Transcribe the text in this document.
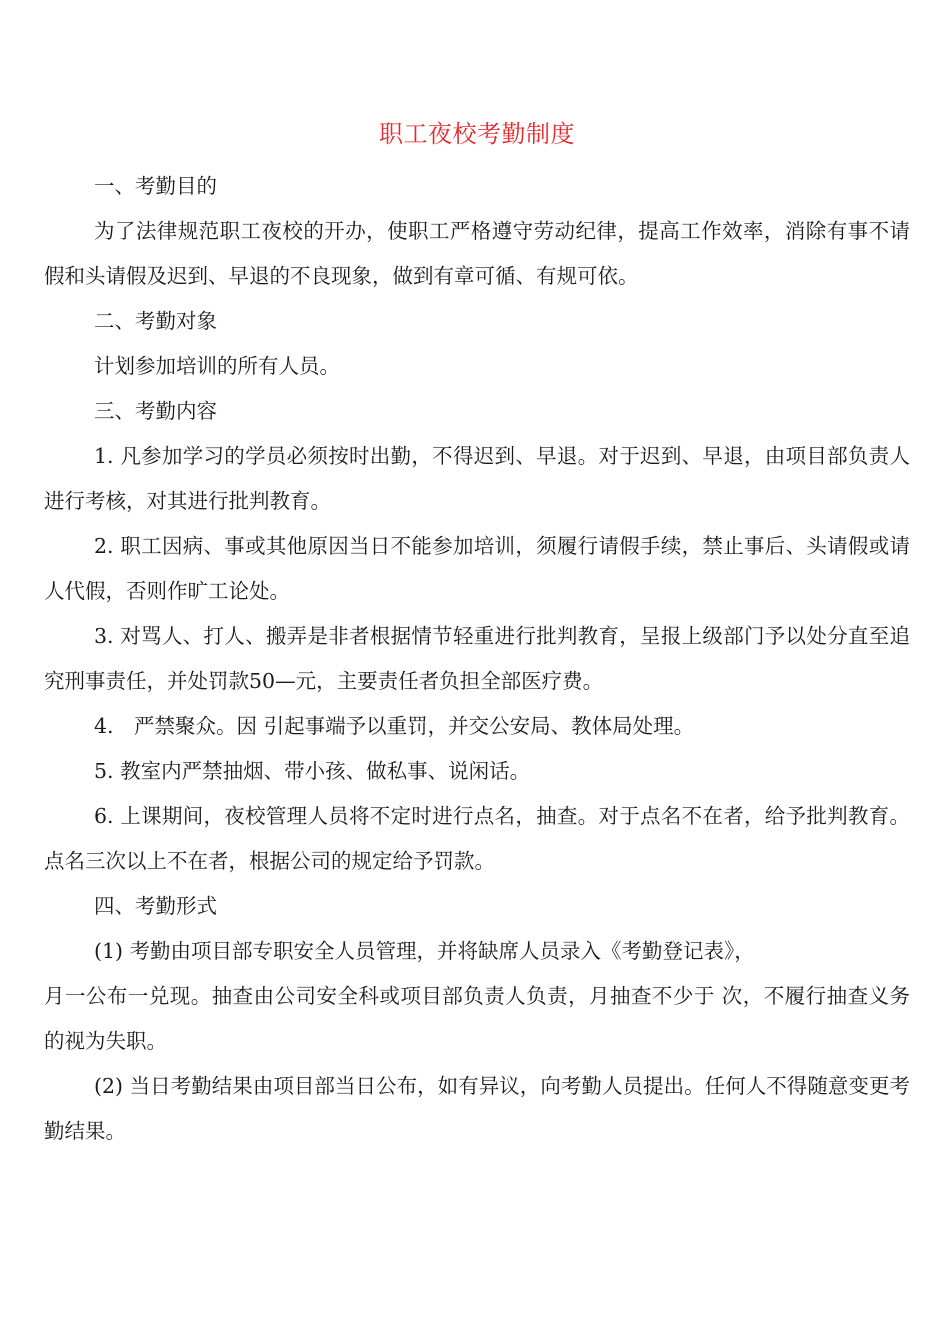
职工夜校考勤制度

一、考勤目的

为了法律规范职工夜校的开办，使职工严格遵守劳动纪律，提高工作效率，消除有事不请假和头请假及迟到、早退的不良现象，做到有章可循、有规可依。

二、考勤对象

计划参加培训的所有人员。

三、考勤内容

1. 凡参加学习的学员必须按时出勤，不得迟到、早退。对于迟到、早退，由项目部负责人进行考核，对其进行批判教育。

2. 职工因病、事或其他原因当日不能参加培训，须履行请假手续，禁止事后、头请假或请人代假，否则作旷工论处。

3. 对骂人、打人、搬弄是非者根据情节轻重进行批判教育，呈报上级部门予以处分直至追究刑事责任，并处罚款50—元，主要责任者负担全部医疗费。

4.　严禁聚众。因 引起事端予以重罚，并交公安局、教体局处理。

5. 教室内严禁抽烟、带小孩、做私事、说闲话。

6. 上课期间，夜校管理人员将不定时进行点名，抽查。对于点名不在者，给予批判教育。点名三次以上不在者，根据公司的规定给予罚款。

四、考勤形式

(1) 考勤由项目部专职安全人员管理，并将缺席人员录入《考勤登记表》，

月一公布一兑现。抽查由公司安全科或项目部负责人负责，月抽查不少于 次，不履行抽查义务的视为失职。

(2) 当日考勤结果由项目部当日公布，如有异议，向考勤人员提出。任何人不得随意变更考勤结果。
